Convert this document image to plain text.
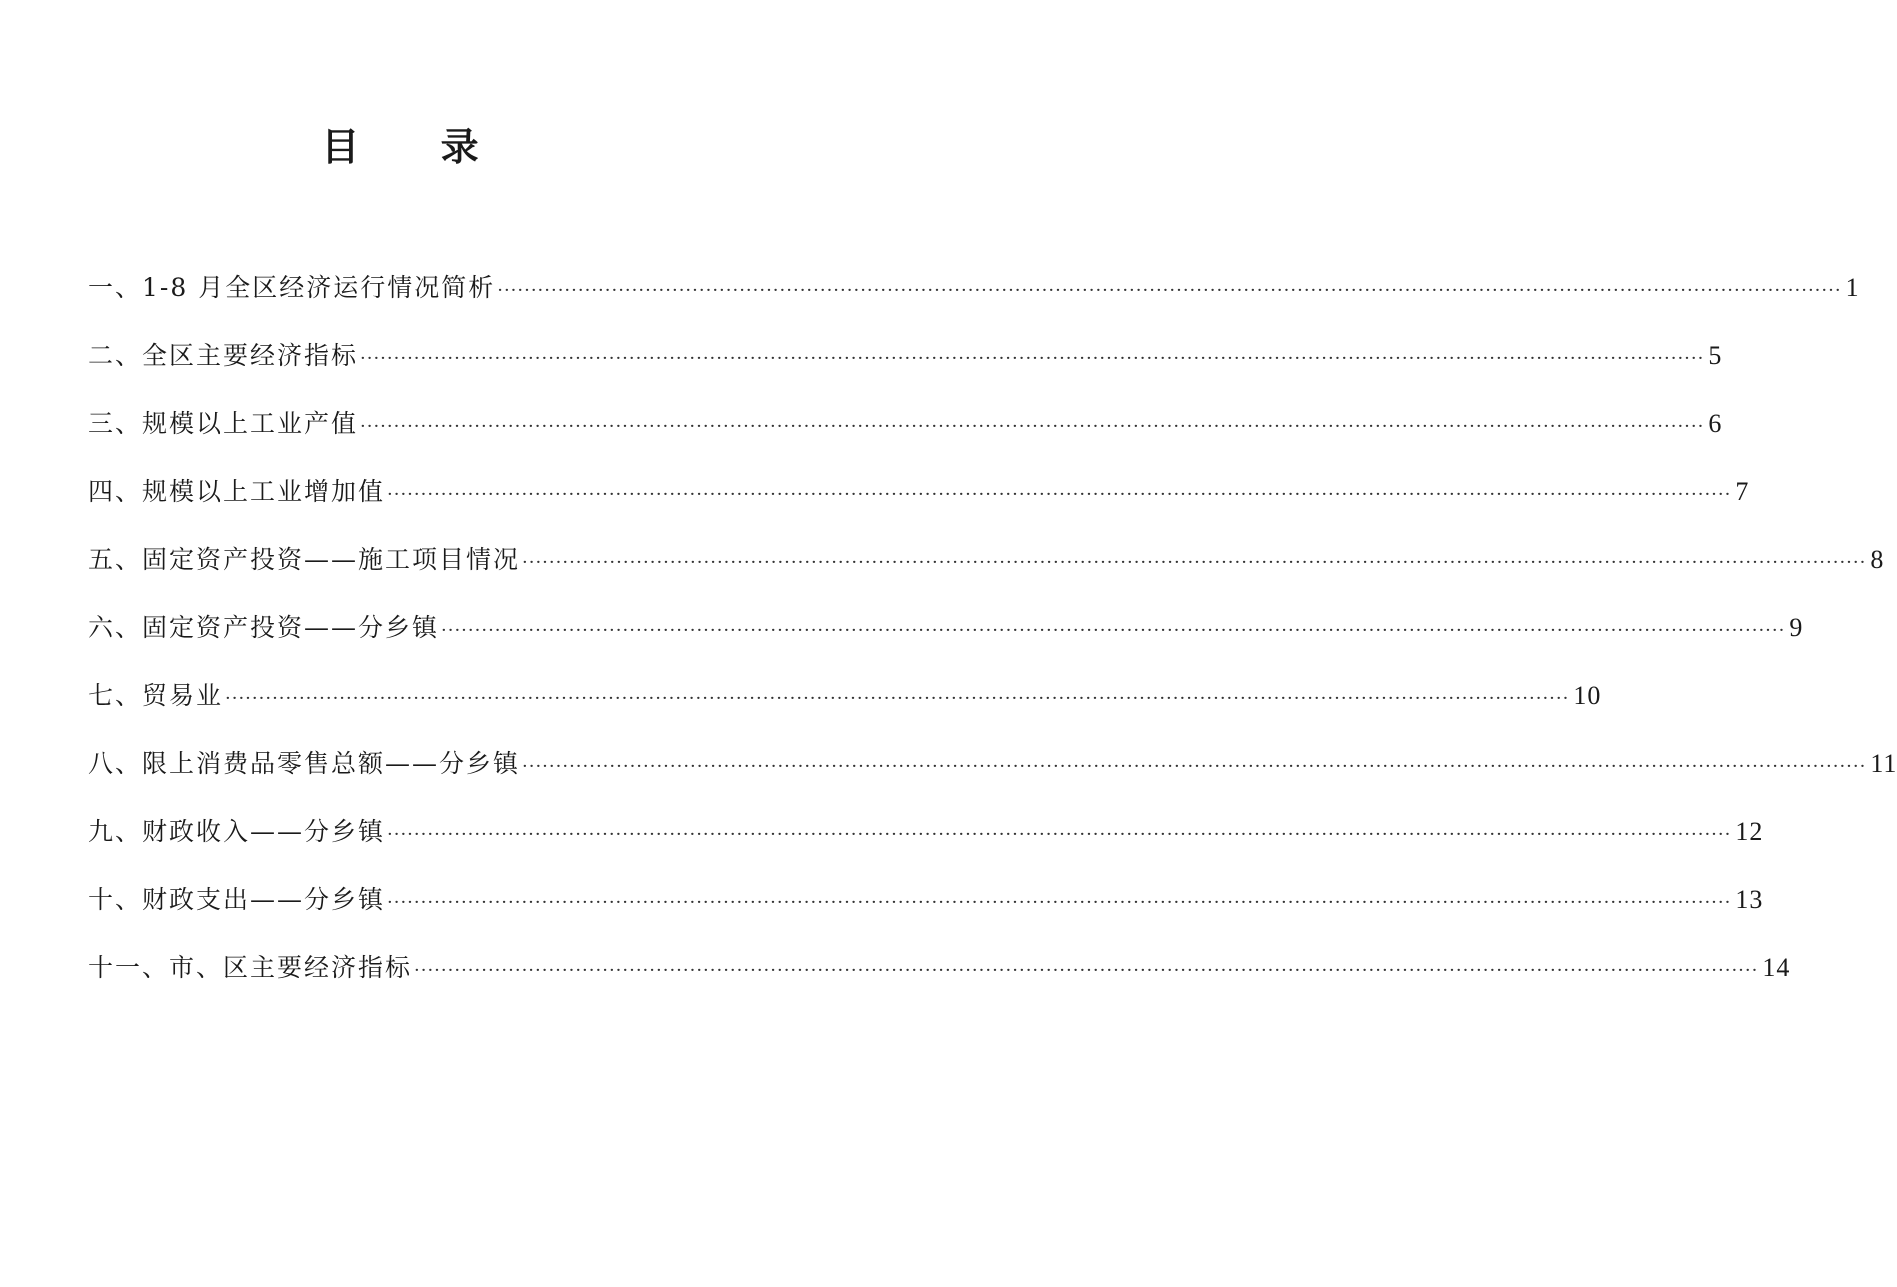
目 录
一、1-8 月全区经济运行情况简析 ········································································································································································································ 1
二、全区主要经济指标 ········································································································································································································ 5
三、规模以上工业产值 ········································································································································································································ 6
四、规模以上工业增加值 ········································································································································································································ 7
五、固定资产投资——施工项目情况 ········································································································································································································ 8
六、固定资产投资——分乡镇 ········································································································································································································ 9
七、贸易业 ········································································································································································································ 10
八、限上消费品零售总额——分乡镇 ········································································································································································································ 11
九、财政收入——分乡镇 ········································································································································································································ 12
十、财政支出——分乡镇 ········································································································································································································ 13
十一、市、区主要经济指标 ········································································································································································································ 14
